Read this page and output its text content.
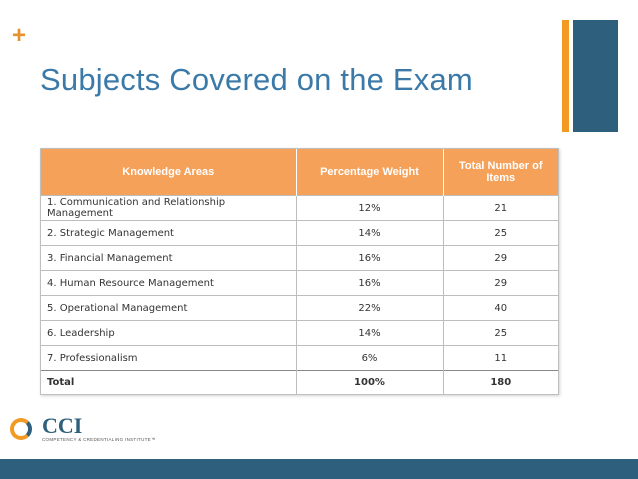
+
Subjects Covered on the Exam
Knowledge Areas	Percentage Weight	Total Number of Items
1. Communication and Relationship Management	12%	21
2. Strategic Management	14%	25
3. Financial Management	16%	29
4. Human Resource Management	16%	29
5. Operational Management	22%	40
6. Leadership	14%	25
7. Professionalism	6%	11
Total	100%	180
CCI
COMPETENCY & CREDENTIALING INSTITUTE™
